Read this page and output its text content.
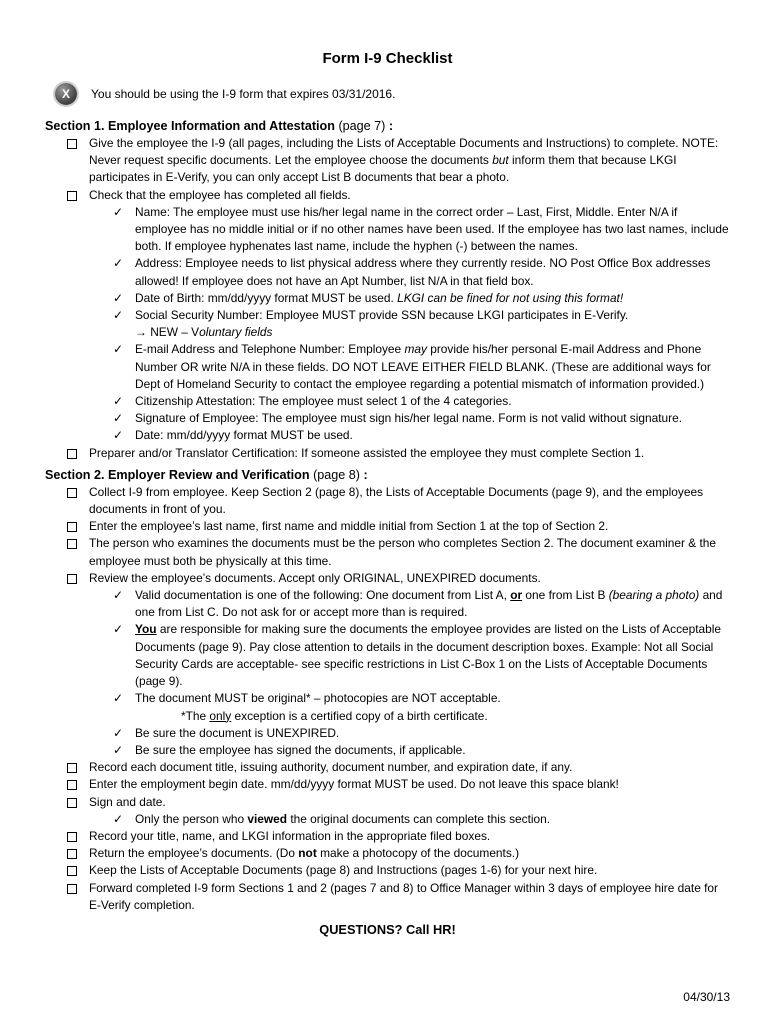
Form I-9 Checklist
X	You should be using the I-9 form that expires 03/31/2016.
Section 1. Employee Information and Attestation (page 7) :
Give the employee the I-9 (all pages, including the Lists of Acceptable Documents and Instructions) to complete. NOTE: Never request specific documents. Let the employee choose the documents but inform them that because LKGI participates in E-Verify, you can only accept List B documents that bear a photo.
Check that the employee has completed all fields.
✓ Name: The employee must use his/her legal name in the correct order – Last, First, Middle. Enter N/A if employee has no middle initial or if no other names have been used. If the employee has two last names, include both. If employee hyphenates last name, include the hyphen (-) between the names.
✓ Address: Employee needs to list physical address where they currently reside. NO Post Office Box addresses allowed! If employee does not have an Apt Number, list N/A in that field box.
✓ Date of Birth: mm/dd/yyyy format MUST be used. LKGI can be fined for not using this format!
✓ Social Security Number: Employee MUST provide SSN because LKGI participates in E-Verify.
→ NEW – Voluntary fields
✓ E-mail Address and Telephone Number: Employee may provide his/her personal E-mail Address and Phone Number OR write N/A in these fields. DO NOT LEAVE EITHER FIELD BLANK. (These are additional ways for Dept of Homeland Security to contact the employee regarding a potential mismatch of information provided.)
✓ Citizenship Attestation: The employee must select 1 of the 4 categories.
✓ Signature of Employee: The employee must sign his/her legal name. Form is not valid without signature.
✓ Date: mm/dd/yyyy format MUST be used.
Preparer and/or Translator Certification: If someone assisted the employee they must complete Section 1.
Section 2. Employer Review and Verification (page 8) :
Collect I-9 from employee. Keep Section 2 (page 8), the Lists of Acceptable Documents (page 9), and the employees documents in front of you.
Enter the employee’s last name, first name and middle initial from Section 1 at the top of Section 2.
The person who examines the documents must be the person who completes Section 2. The document examiner & the employee must both be physically at this time.
Review the employee’s documents. Accept only ORIGINAL, UNEXPIRED documents.
✓ Valid documentation is one of the following: One document from List A, or one from List B (bearing a photo) and one from List C. Do not ask for or accept more than is required.
✓ You are responsible for making sure the documents the employee provides are listed on the Lists of Acceptable Documents (page 9). Pay close attention to details in the document description boxes. Example: Not all Social Security Cards are acceptable- see specific restrictions in List C-Box 1 on the Lists of Acceptable Documents (page 9).
✓ The document MUST be original* – photocopies are NOT acceptable.
*The only exception is a certified copy of a birth certificate.
✓ Be sure the document is UNEXPIRED.
✓ Be sure the employee has signed the documents, if applicable.
Record each document title, issuing authority, document number, and expiration date, if any.
Enter the employment begin date. mm/dd/yyyy format MUST be used. Do not leave this space blank!
Sign and date.
✓ Only the person who viewed the original documents can complete this section.
Record your title, name, and LKGI information in the appropriate filed boxes.
Return the employee’s documents. (Do not make a photocopy of the documents.)
Keep the Lists of Acceptable Documents (page 8) and Instructions (pages 1-6) for your next hire.
Forward completed I-9 form Sections 1 and 2 (pages 7 and 8) to Office Manager within 3 days of employee hire date for E-Verify completion.
QUESTIONS? Call HR!
04/30/13
